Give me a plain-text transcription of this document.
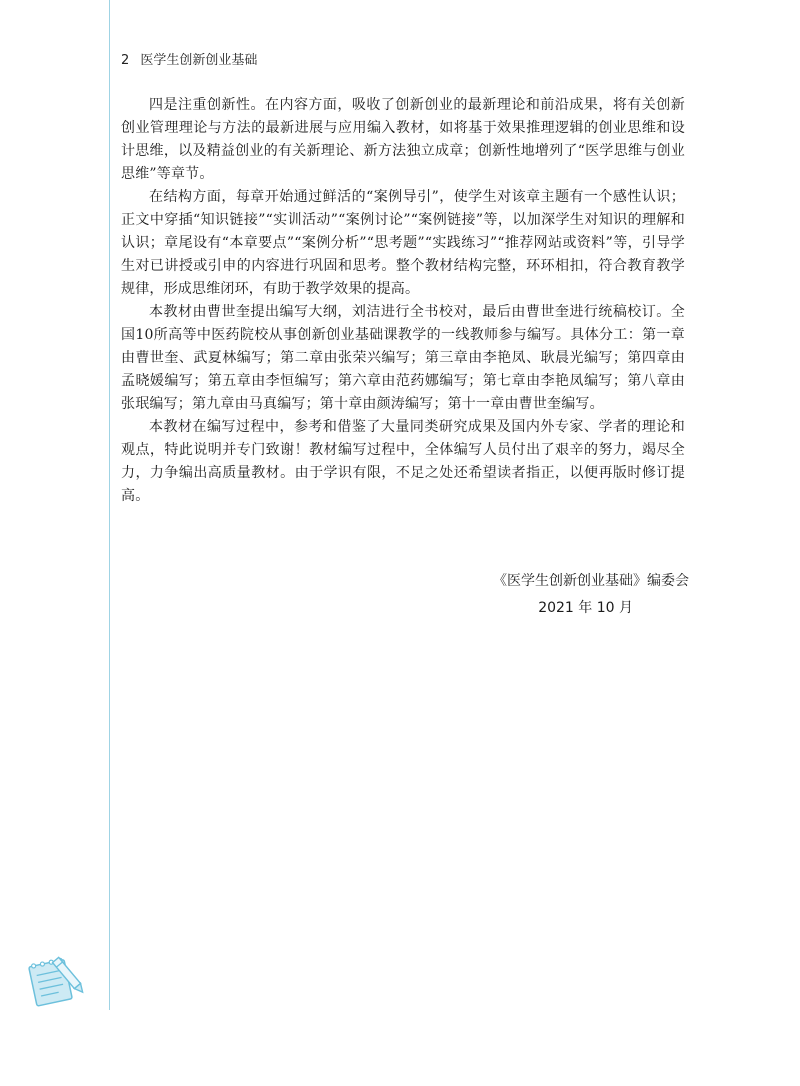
2 医学生创新创业基础

四是注重创新性。在内容方面，吸收了创新创业的最新理论和前沿成果，将有关创新创业管理理论与方法的最新进展与应用编入教材，如将基于效果推理逻辑的创业思维和设计思维，以及精益创业的有关新理论、新方法独立成章；创新性地增列了“医学思维与创业思维”等章节。

在结构方面，每章开始通过鲜活的“案例导引”，使学生对该章主题有一个感性认识；正文中穿插“知识链接”“实训活动”“案例讨论”“案例链接”等，以加深学生对知识的理解和认识；章尾设有“本章要点”“案例分析”“思考题”“实践练习”“推荐网站或资料”等，引导学生对已讲授或引申的内容进行巩固和思考。整个教材结构完整，环环相扣，符合教育教学规律，形成思维闭环，有助于教学效果的提高。

本教材由曹世奎提出编写大纲，刘洁进行全书校对，最后由曹世奎进行统稿校订。全国10所高等中医药院校从事创新创业基础课教学的一线教师参与编写。具体分工：第一章由曹世奎、武夏林编写；第二章由张荣兴编写；第三章由李艳凤、耿晨光编写；第四章由孟晓媛编写；第五章由李恒编写；第六章由范药娜编写；第七章由李艳凤编写；第八章由张珉编写；第九章由马真编写；第十章由颜涛编写；第十一章由曹世奎编写。

本教材在编写过程中，参考和借鉴了大量同类研究成果及国内外专家、学者的理论和观点，特此说明并专门致谢！教材编写过程中，全体编写人员付出了艰辛的努力，竭尽全力，力争编出高质量教材。由于学识有限，不足之处还希望读者指正，以便再版时修订提高。

《医学生创新创业基础》编委会
2021 年 10 月
